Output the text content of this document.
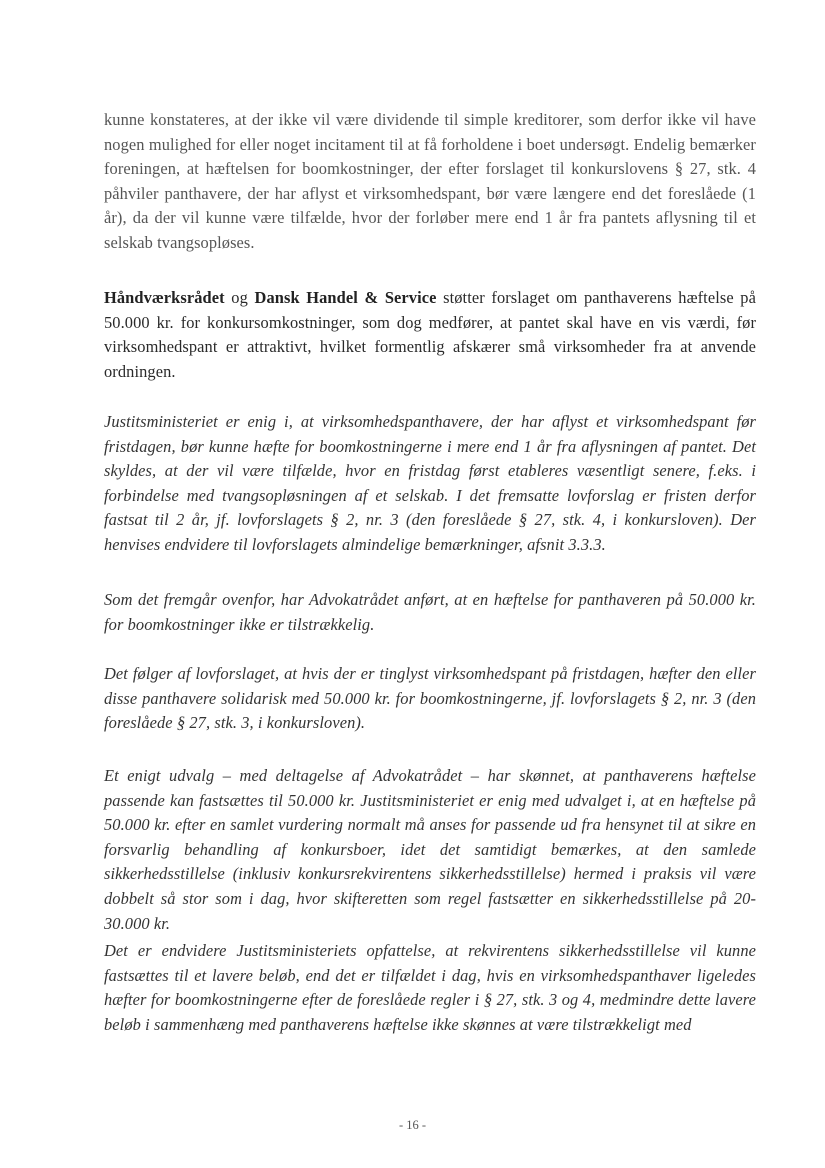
kunne konstateres, at der ikke vil være dividende til simple kreditorer, som derfor ikke vil have nogen mulighed for eller noget incitament til at få forholdene i boet undersøgt. Endelig bemærker foreningen, at hæftelsen for boomkostninger, der efter forslaget til konkurslovens § 27, stk. 4 påhviler panthavere, der har aflyst et virksomhedspant, bør være længere end det foreslåede (1 år), da der vil kunne være tilfælde, hvor der forløber mere end 1 år fra pantets aflysning til et selskab tvangsopløses.

Håndværksrådet og Dansk Handel & Service støtter forslaget om panthaverens hæftelse på 50.000 kr. for konkursomkostninger, som dog medfører, at pantet skal have en vis værdi, før virksomhedspant er attraktivt, hvilket formentlig afskærer små virksomheder fra at anvende ordningen.

Justitsministeriet er enig i, at virksomhedspanthavere, der har aflyst et virksomhedspant før fristdagen, bør kunne hæfte for boomkostningerne i mere end 1 år fra aflysningen af pantet. Det skyldes, at der vil være tilfælde, hvor en fristdag først etableres væsentligt senere, f.eks. i forbindelse med tvangsopløsningen af et selskab. I det fremsatte lovforslag er fristen derfor fastsat til 2 år, jf. lovforslagets § 2, nr. 3 (den foreslåede § 27, stk. 4, i konkursloven). Der henvises endvidere til lovforslagets almindelige bemærkninger, afsnit 3.3.3.

Som det fremgår ovenfor, har Advokatrådet anført, at en hæftelse for panthaveren på 50.000 kr. for boomkostninger ikke er tilstrækkelig.

Det følger af lovforslaget, at hvis der er tinglyst virksomhedspant på fristdagen, hæfter den eller disse panthavere solidarisk med 50.000 kr. for boomkostningerne, jf. lovforslagets § 2, nr. 3 (den foreslåede § 27, stk. 3, i konkursloven).

Et enigt udvalg – med deltagelse af Advokatrådet – har skønnet, at panthaverens hæftelse passende kan fastsættes til 50.000 kr. Justitsministeriet er enig med udvalget i, at en hæftelse på 50.000 kr. efter en samlet vurdering normalt må anses for passende ud fra hensynet til at sikre en forsvarlig behandling af konkursboer, idet det samtidigt bemærkes, at den samlede sikkerhedsstillelse (inklusiv konkursrekvirentens sikkerhedsstillelse) hermed i praksis vil være dobbelt så stor som i dag, hvor skifteretten som regel fastsætter en sikkerhedsstillelse på 20-30.000 kr.

Det er endvidere Justitsministeriets opfattelse, at rekvirentens sikkerhedsstillelse vil kunne fastsættes til et lavere beløb, end det er tilfældet i dag, hvis en virksomhedspanthaver ligeledes hæfter for boomkostningerne efter de foreslåede regler i § 27, stk. 3 og 4, medmindre dette lavere beløb i sammenhæng med panthaverens hæftelse ikke skønnes at være tilstrækkeligt med

- 16 -
